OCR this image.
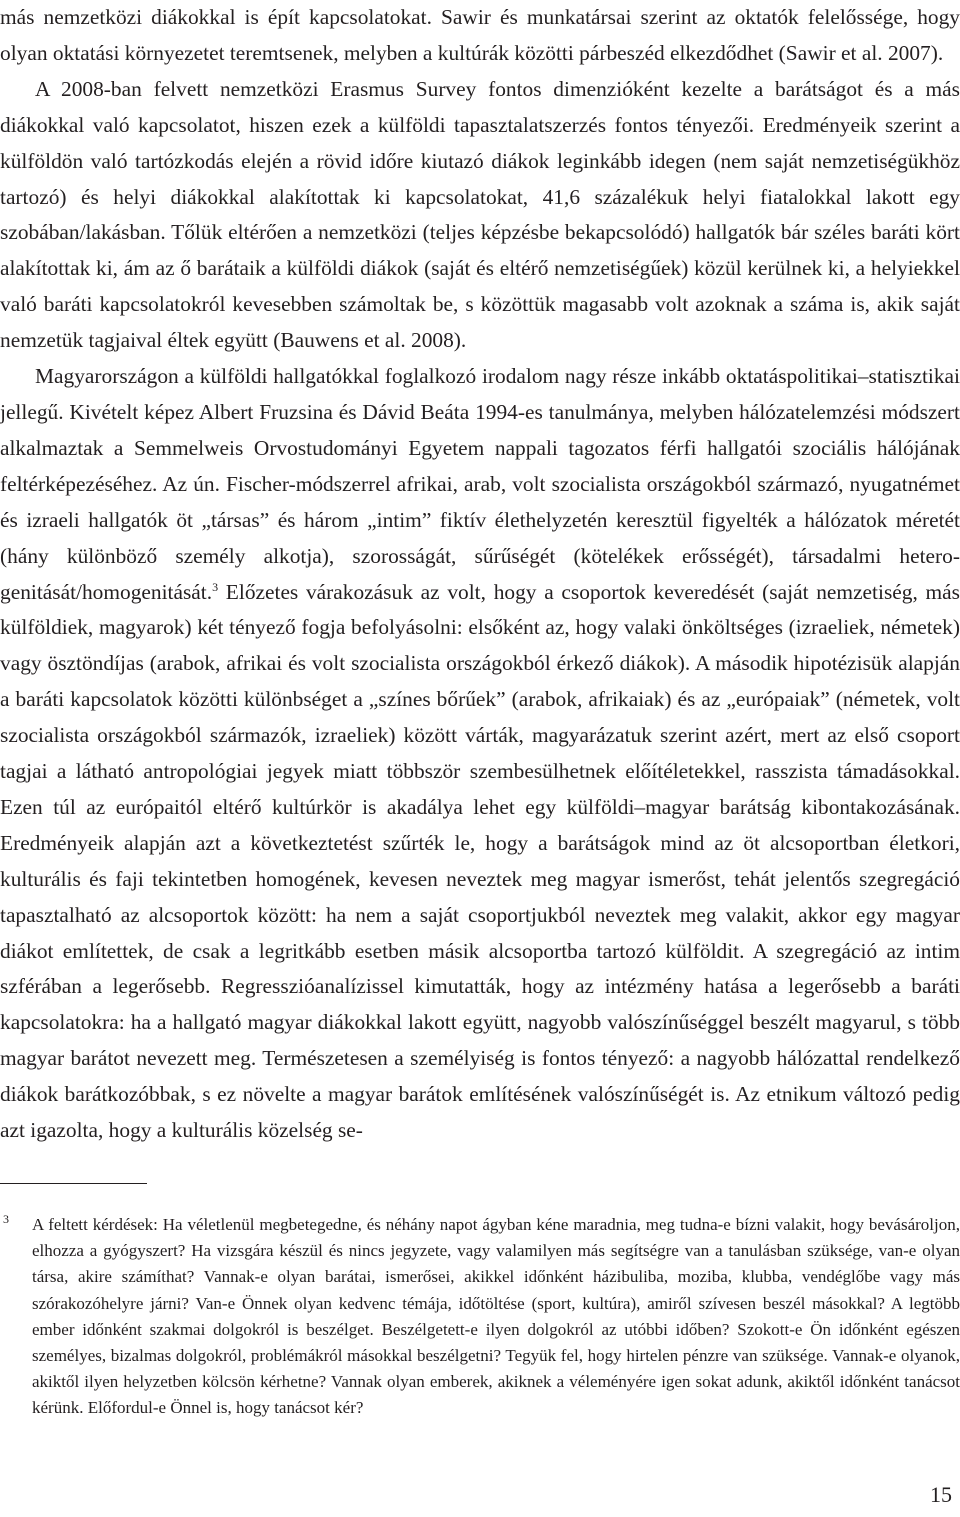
más nemzetközi diákokkal is épít kapcsolatokat. Sawir és munkatársai szerint az oktatók felelőssége, hogy olyan oktatási környezetet teremtsenek, melyben a kultúrák közötti párbeszéd elkezdődhet (Sawir et al. 2007).

A 2008-ban felvett nemzetközi Erasmus Survey fontos dimenzióként kezelte a barátságot és a más diákokkal való kapcsolatot, hiszen ezek a külföldi tapasztalatszerzés fontos tényezői. Eredményeik szerint a külföldön való tartózkodás elején a rövid időre kiutazó diákok leginkább idegen (nem saját nemzetiségükhöz tartozó) és helyi diákokkal alakítottak ki kapcsolatokat, 41,6 százalékuk helyi fiatalokkal lakott egy szobában/lakásban. Tőlük eltérően a nemzetközi (teljes képzésbe bekapcsolódó) hallgatók bár széles baráti kört alakítottak ki, ám az ő barátaik a külföldi diákok (saját és eltérő nemzetiségűek) közül kerülnek ki, a helyiekkel való baráti kapcsolatokról kevesebben számoltak be, s közöttük magasabb volt azoknak a száma is, akik saját nemzetük tagjaival éltek együtt (Bauwens et al. 2008).

Magyarországon a külföldi hallgatókkal foglalkozó irodalom nagy része inkább oktatáspolitikai–statisztikai jellegű. Kivételt képez Albert Fruzsina és Dávid Beáta 1994-es tanulmánya, melyben hálózatelemzési módszert alkalmaztak a Semmelweis Orvostudományi Egyetem nappali tagozatos férfi hallgatói szociális hálójának feltérképezéséhez. Az ún. Fischer-módszerrel afrikai, arab, volt szocialista országokból származó, nyugatnémet és izraeli hallgatók öt „társas” és három „intim” fiktív élethelyzetén keresztül figyelték a hálózatok méretét (hány különböző személy alkotja), szorosságát, sűrűségét (kötelékek erősségét), társadalmi heterogenitását/homogenitását.$^3$ Előzetes várakozásuk az volt, hogy a csoportok keveredését (saját nemzetiség, más külföldiek, magyarok) két tényező fogja befolyásolni: elsőként az, hogy valaki önköltséges (izraeliek, németek) vagy ösztöndíjas (arabok, afrikai és volt szocialista országokból érkező diákok). A második hipotézisük alapján a baráti kapcsolatok közötti különbséget a „színes bőrűek” (arabok, afrikaiak) és az „európaiak” (németek, volt szocialista országokból származók, izraeliek) között várták, magyarázatuk szerint azért, mert az első csoport tagjai a látható antropológiai jegyek miatt többször szembesülhetnek előítéletekkel, rasszista támadásokkal. Ezen túl az európaitól eltérő kultúrkör is akadálya lehet egy külföldi–magyar barátság kibontakozásának. Eredményeik alapján azt a következtetést szűrték le, hogy a barátságok mind az öt alcsoportban életkori, kulturális és faji tekintetben homogének, kevesen neveztek meg magyar ismerőst, tehát jelentős szegregáció tapasztalható az alcsoportok között: ha nem a saját csoportjukból neveztek meg valakit, akkor egy magyar diákot említettek, de csak a legritkább esetben másik alcsoportba tartozó külföldit. A szegregáció az intim szférában a legerősebb. Regresszióanalízissel kimutatták, hogy az intézmény hatása a legerősebb a baráti kapcsolatokra: ha a hallgató magyar diákokkal lakott együtt, nagyobb valószínűséggel beszélt magyarul, s több magyar barátot nevezett meg. Természetesen a személyiség is fontos tényező: a nagyobb hálózattal rendelkező diákok barátkozóbbak, s ez növelte a magyar barátok említésének valószínűségét is. Az etnikum változó pedig azt igazolta, hogy a kulturális közelség se-

3 A feltett kérdések: Ha véletlenül megbetegedne, és néhány napot ágyban kéne maradnia, meg tudna-e bízni valakit, hogy bevásároljon, elhozza a gyógyszert? Ha vizsgára készül és nincs jegyzete, vagy valamilyen más segítségre van a tanulásban szüksége, van-e olyan társa, akire számíthat? Vannak-e olyan barátai, ismerősei, akikkel időnként házibuliba, moziba, klubba, vendéglőbe vagy más szórakozóhelyre járni? Van-e Önnek olyan kedvenc témája, időtöltése (sport, kultúra), amiről szívesen beszél másokkal? A legtöbb ember időnként szakmai dolgokról is beszélget. Beszélgetett-e ilyen dolgokról az utóbbi időben? Szokott-e Ön időnként egészen személyes, bizalmas dolgokról, problémákról másokkal beszélgetni? Tegyük fel, hogy hirtelen pénzre van szüksége. Vannak-e olyanok, akiktől ilyen helyzetben kölcsön kérhetne? Vannak olyan emberek, akiknek a véleményére igen sokat adunk, akiktől időnként tanácsot kérünk. Előfordul-e Önnel is, hogy tanácsot kér?
15
